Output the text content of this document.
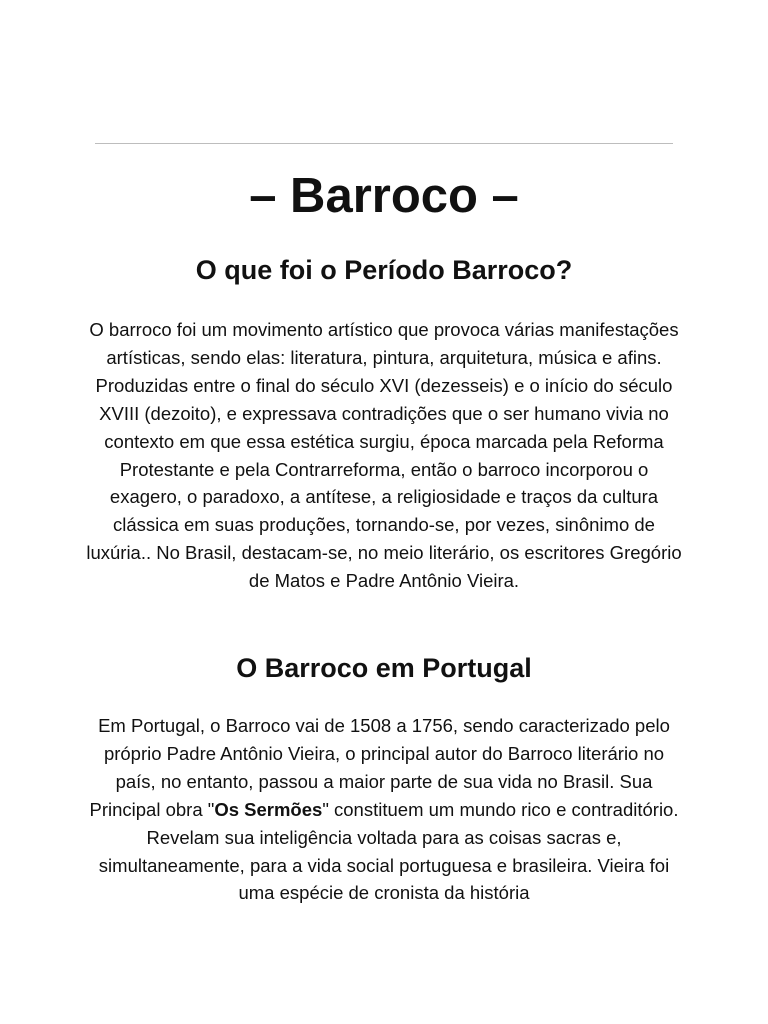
– Barroco –
O que foi o Período Barroco?

O barroco foi um movimento artístico que provoca várias manifestações artísticas, sendo elas: literatura, pintura, arquitetura, música e afins. Produzidas entre o final do século XVI (dezesseis) e o início do século XVIII (dezoito), e expressava contradições que o ser humano vivia no contexto em que essa estética surgiu, época marcada pela Reforma Protestante e pela Contrarreforma, então o barroco incorporou o exagero, o paradoxo, a antítese, a religiosidade e traços da cultura clássica em suas produções, tornando-se, por vezes, sinônimo de luxúria.. No Brasil, destacam-se, no meio literário, os escritores Gregório de Matos e Padre Antônio Vieira.

O Barroco em Portugal

Em Portugal, o Barroco vai de 1508 a 1756, sendo caracterizado pelo próprio Padre Antônio Vieira, o principal autor do Barroco literário no país, no entanto, passou a maior parte de sua vida no Brasil. Sua Principal obra "Os Sermões" constituem um mundo rico e contraditório. Revelam sua inteligência voltada para as coisas sacras e, simultaneamente, para a vida social portuguesa e brasileira. Vieira foi uma espécie de cronista da história
